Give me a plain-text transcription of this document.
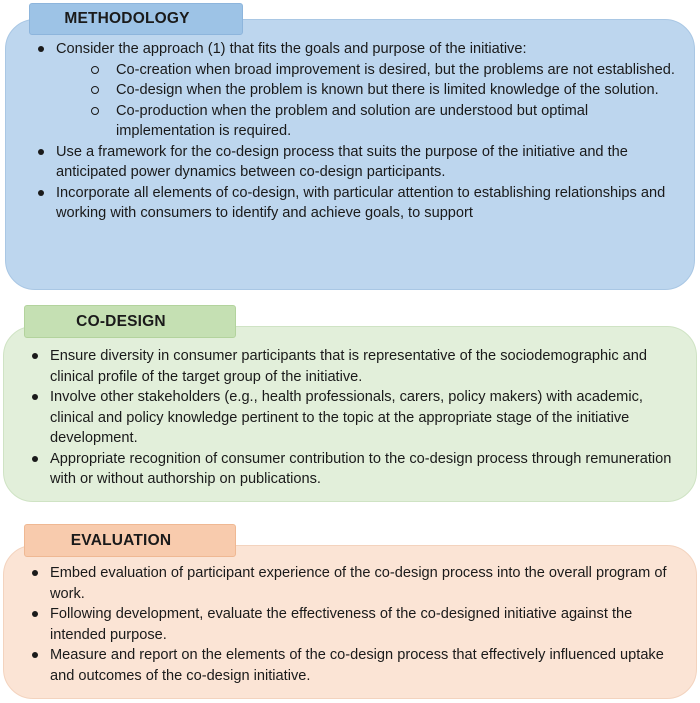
METHODOLOGY
Consider the approach (1) that fits the goals and purpose of the initiative:
Co-creation when broad improvement is desired, but the problems are not established.
Co-design when the problem is known but there is limited knowledge of the solution.
Co-production when the problem and solution are understood but optimal implementation is required.
Use a framework for the co-design process that suits the purpose of the initiative and the anticipated power dynamics between co-design participants.
Incorporate all elements of co-design, with particular attention to establishing relationships and working with consumers to identify and achieve goals, to support
CO-DESIGN
Ensure diversity in consumer participants that is representative of the sociodemographic and clinical profile of the target group of the initiative.
Involve other stakeholders (e.g., health professionals, carers, policy makers) with academic, clinical and policy knowledge pertinent to the topic at the appropriate stage of the initiative development.
Appropriate recognition of consumer contribution to the co-design process through remuneration with or without authorship on publications.
EVALUATION
Embed evaluation of participant experience of the co-design process into the overall program of work.
Following development, evaluate the effectiveness of the co-designed initiative against the intended purpose.
Measure and report on the elements of the co-design process that effectively influenced uptake and outcomes of the co-design initiative.
